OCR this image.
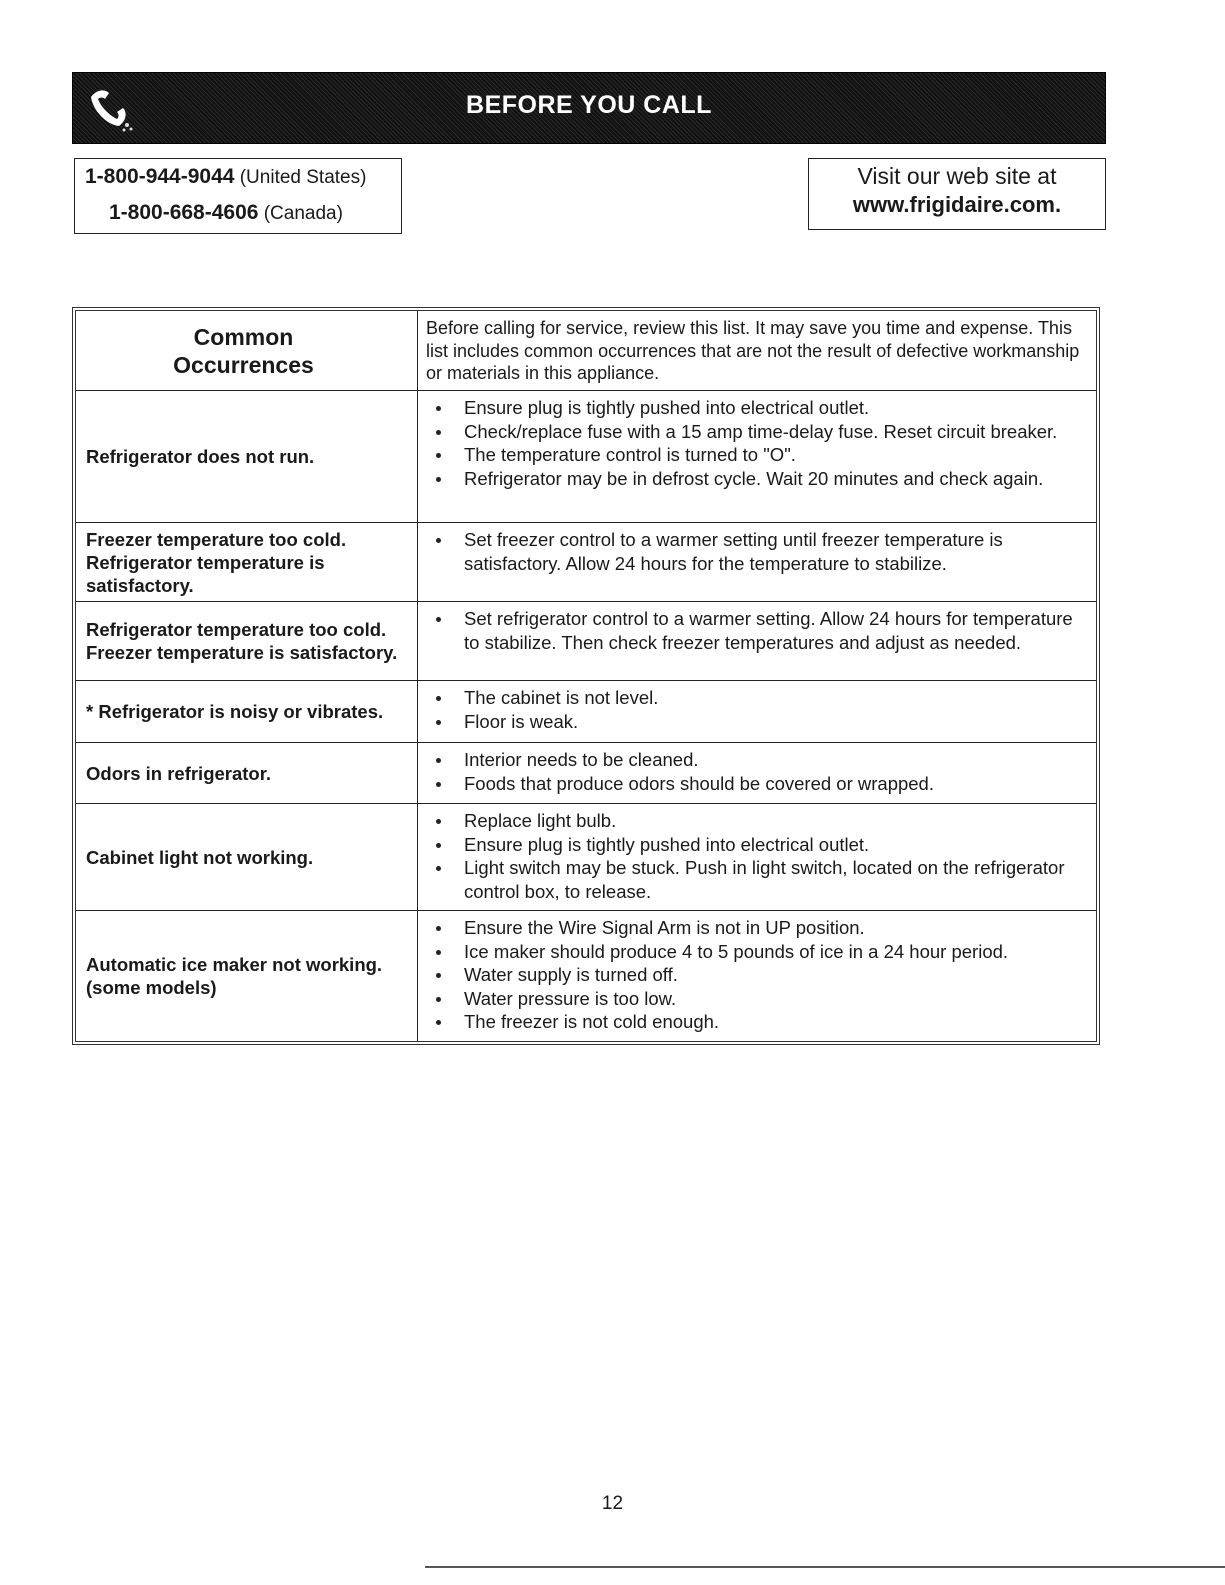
BEFORE YOU CALL
1-800-944-9044 (United States)
1-800-668-4606 (Canada)
Visit our web site at
www.frigidaire.com.
Common
Occurrences
Before calling for service, review this list. It may save you time and expense. This list includes common occurrences that are not the result of defective workmanship or materials in this appliance.
Refrigerator does not run.
Ensure plug is tightly pushed into electrical outlet.
Check/replace fuse with a 15 amp time-delay fuse. Reset circuit breaker.
The temperature control is turned to "O".
Refrigerator may be in defrost cycle. Wait 20 minutes and check again.
Freezer temperature too cold. Refrigerator temperature is satisfactory.
Set freezer control to a warmer setting until freezer temperature is satisfactory. Allow 24 hours for the temperature to stabilize.
Refrigerator temperature too cold. Freezer temperature is satisfactory.
Set refrigerator control to a warmer setting. Allow 24 hours for temperature to stabilize. Then check freezer temperatures and adjust as needed.
* Refrigerator is noisy or vibrates.
The cabinet is not level.
Floor is weak.
Odors in refrigerator.
Interior needs to be cleaned.
Foods that produce odors should be covered or wrapped.
Cabinet light not working.
Replace light bulb.
Ensure plug is tightly pushed into electrical outlet.
Light switch may be stuck. Push in light switch, located on the refrigerator control box, to release.
Automatic ice maker not working. (some models)
Ensure the Wire Signal Arm is not in UP position.
Ice maker should produce 4 to 5 pounds of ice in a 24 hour period.
Water supply is turned off.
Water pressure is too low.
The freezer is not cold enough.
12
